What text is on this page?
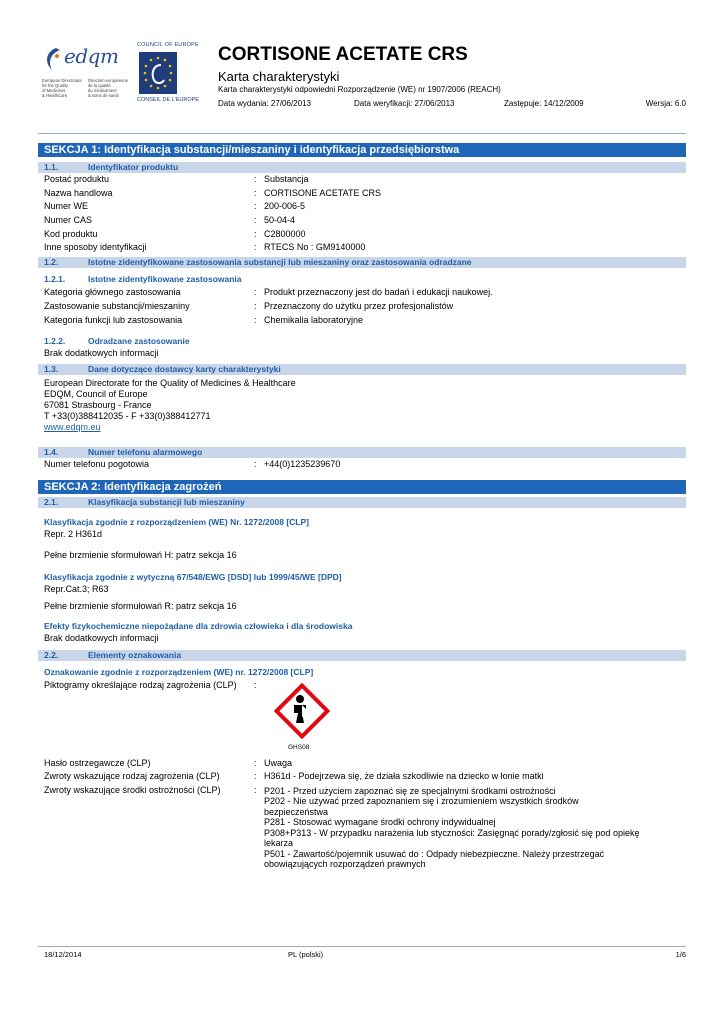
edqm

European Directorate

for the Quality

of Medicines

& HealthCare

Direction européenne

de la qualité

du médicament

& soins de santé

COUNCIL OF EUROPE
CONSEIL DE L'EUROPE
CORTISONE ACETATE CRS
Karta charakterystyki
Karta charakterystyki odpowiedni Rozporządzenie (WE) nr 1907/2006 (REACH)
Data wydania: 27/06/2013	Data weryfikacji: 27/06/2013	Zastępuje: 14/12/2009	Wersja: 6.0
SEKCJA 1: Identyfikacja substancji/mieszaniny i identyfikacja przedsiębiorstwa
1.1.	Identyfikator produktu
Postać produktu	: Substancja
Nazwa handlowa	: CORTISONE ACETATE CRS
Numer WE	: 200-006-5
Numer CAS	: 50-04-4
Kod produktu	: C2800000
Inne sposoby identyfikacji	: RTECS No : GM9140000
1.2.	Istotne zidentyfikowane zastosowania substancji lub mieszaniny oraz zastosowania odradzane
1.2.1.	Istotne zidentyfikowane zastosowania
Kategoria głównego zastosowania	: Produkt przeznaczony jest do badań i edukacji naukowej.
Zastosowanie substancji/mieszaniny	: Przeznaczony do użytku przez profesjonalistów
Kategoria funkcji lub zastosowania	: Chemikalia laboratoryjne
1.2.2.	Odradzane zastosowanie
Brak dodatkowych informacji
1.3.	Dane dotyczące dostawcy karty charakterystyki
European Directorate for the Quality of Medicines & Healthcare
EDQM, Council of Europe
67081 Strasbourg - France
T +33(0)388412035 - F +33(0)388412771
www.edqm.eu
1.4.	Numer telefonu alarmowego
Numer telefonu pogotowia	: +44(0)1235239670
SEKCJA 2: Identyfikacja zagrożeń
2.1.	Klasyfikacja substancji lub mieszaniny
Klasyfikacja zgodnie z rozporządzeniem (WE) Nr. 1272/2008 [CLP]
Repr. 2 H361d
Pełne brzmienie sformułowań H: patrz sekcja 16
Klasyfikacja zgodnie z wytyczną 67/548/EWG [DSD] lub 1999/45/WE [DPD]
Repr.Cat.3; R63
Pełne brzmienie sformułowań R: patrz sekcja 16
Efekty fizykochemiczne niepożądane dla zdrowia człowieka i dla środowiska
Brak dodatkowych informacji
2.2.	Elementy oznakowania
Oznakowanie zgodnie z rozporządzeniem (WE) nr. 1272/2008 [CLP]
Piktogramy określające rodzaj zagrożenia (CLP)	:
GHS08
Hasło ostrzegawcze (CLP)	: Uwaga
Zwroty wskazujące rodzaj zagrożenia (CLP)	: H361d - Podejrzewa się, że działa szkodliwie na dziecko w łonie matki
Zwroty wskazujące środki ostrożności (CLP)	: P201 - Przed użyciem zapoznać się ze specjalnymi środkami ostrożności
P202 - Nie używać przed zapoznaniem się i zrozumieniem wszystkich środków
bezpieczeństwa
P281 - Stosować wymagane środki ochrony indywidualnej
P308+P313 - W przypadku narażenia lub styczności: Zasięgnąć porady/zgłosić się pod opiekę
lekarza
P501 - Zawartość/pojemnik usuwać do : Odpady niebezpieczne. Należy przestrzegać
obowiązujących rozporządzeń prawnych
18/12/2014	PL (polski)	1/6
